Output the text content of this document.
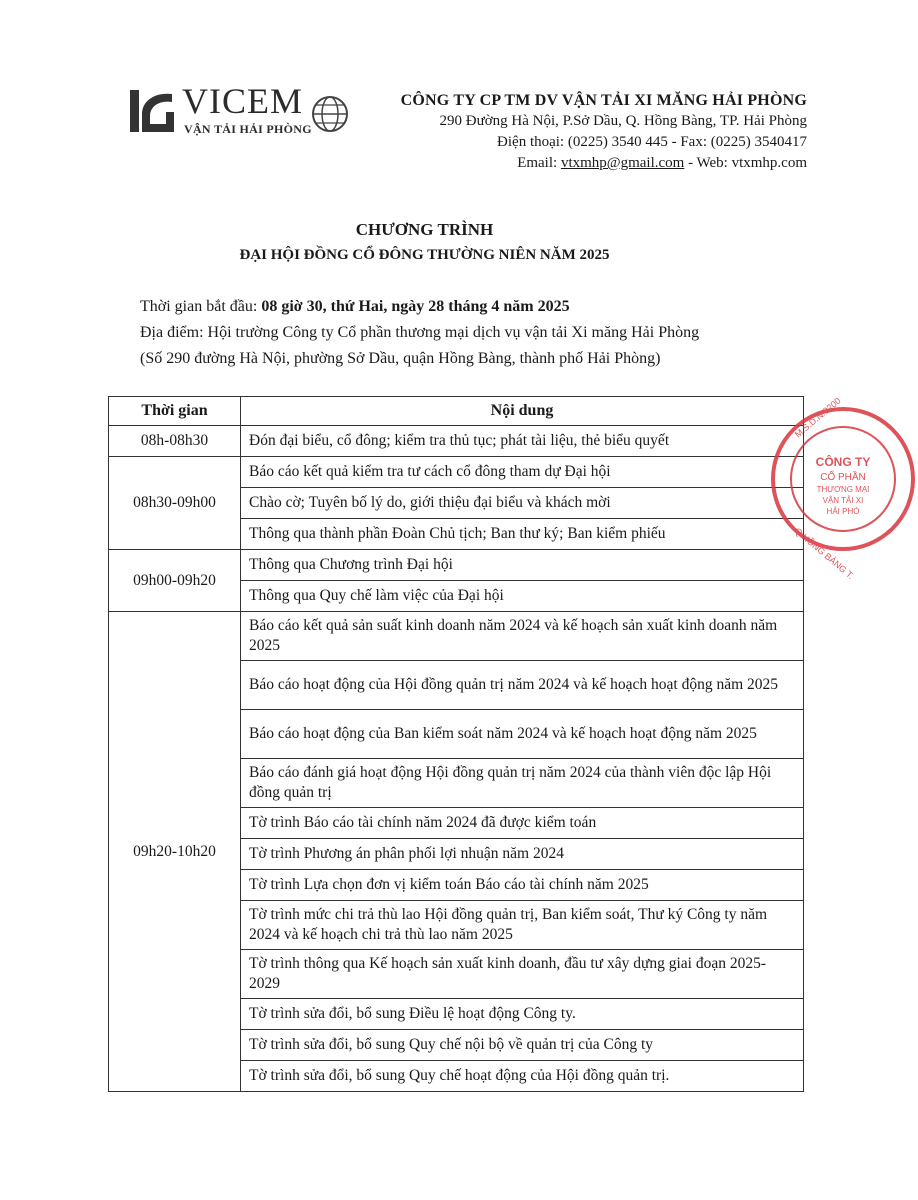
VICEM
VẬN TẢI HẢI PHÒNG
CÔNG TY CP TM DV VẬN TẢI XI MĂNG HẢI PHÒNG
290 Đường Hà Nội, P.Sở Dầu, Q. Hồng Bàng, TP. Hải Phòng
Điện thoại: (0225) 3540 445 - Fax: (0225) 3540417
Email: vtxmhp@gmail.com - Web: vtxmhp.com
CHƯƠNG TRÌNH
ĐẠI HỘI ĐỒNG CỔ ĐÔNG THƯỜNG NIÊN NĂM 2025
Thời gian bắt đầu: 08 giờ 30, thứ Hai, ngày 28 tháng 4 năm 2025
Địa điểm: Hội trường Công ty Cổ phần thương mại dịch vụ vận tải Xi măng Hải Phòng
(Số 290 đường Hà Nội, phường Sở Dầu, quận Hồng Bàng, thành phố Hải Phòng)
Thời gian	Nội dung
08h-08h30	Đón đại biểu, cổ đông; kiểm tra thủ tục; phát tài liệu, thẻ biểu quyết
08h30-09h00	Báo cáo kết quả kiểm tra tư cách cổ đông tham dự Đại hội
	Chào cờ; Tuyên bố lý do, giới thiệu đại biểu và khách mời
	Thông qua thành phần Đoàn Chủ tịch; Ban thư ký; Ban kiểm phiếu
09h00-09h20	Thông qua Chương trình Đại hội
	Thông qua Quy chế làm việc của Đại hội
09h20-10h20	Báo cáo kết quả sản suất kinh doanh năm 2024 và kế hoạch sản xuất kinh doanh năm 2025
	Báo cáo hoạt động của Hội đồng quản trị năm 2024 và kế hoạch hoạt động năm 2025
	Báo cáo hoạt động của Ban kiểm soát năm 2024 và kế hoạch hoạt động năm 2025
	Báo cáo đánh giá hoạt động Hội đồng quản trị năm 2024 của thành viên độc lập Hội đồng quản trị
	Tờ trình Báo cáo tài chính năm 2024 đã được kiểm toán
	Tờ trình Phương án phân phối lợi nhuận năm 2024
	Tờ trình Lựa chọn đơn vị kiểm toán Báo cáo tài chính năm 2025
	Tờ trình mức chi trả thù lao Hội đồng quản trị, Ban kiểm soát, Thư ký Công ty năm 2024 và kế hoạch chi trả thù lao năm 2025
	Tờ trình thông qua Kế hoạch sản xuất kinh doanh, đầu tư xây dựng giai đoạn 2025-2029
	Tờ trình sửa đổi, bổ sung Điều lệ hoạt động Công ty.
	Tờ trình sửa đổi, bổ sung Quy chế nội bộ về quản trị của Công ty
	Tờ trình sửa đổi, bổ sung Quy chế hoạt động của Hội đồng quản trị.
CÔNG TY
CỔ PHẦN
THƯƠNG MẠI
VẬN TẢI XI
HẢI PHÒ
M.S.D.N:0200
Q.HỒNG BÀNG T.
